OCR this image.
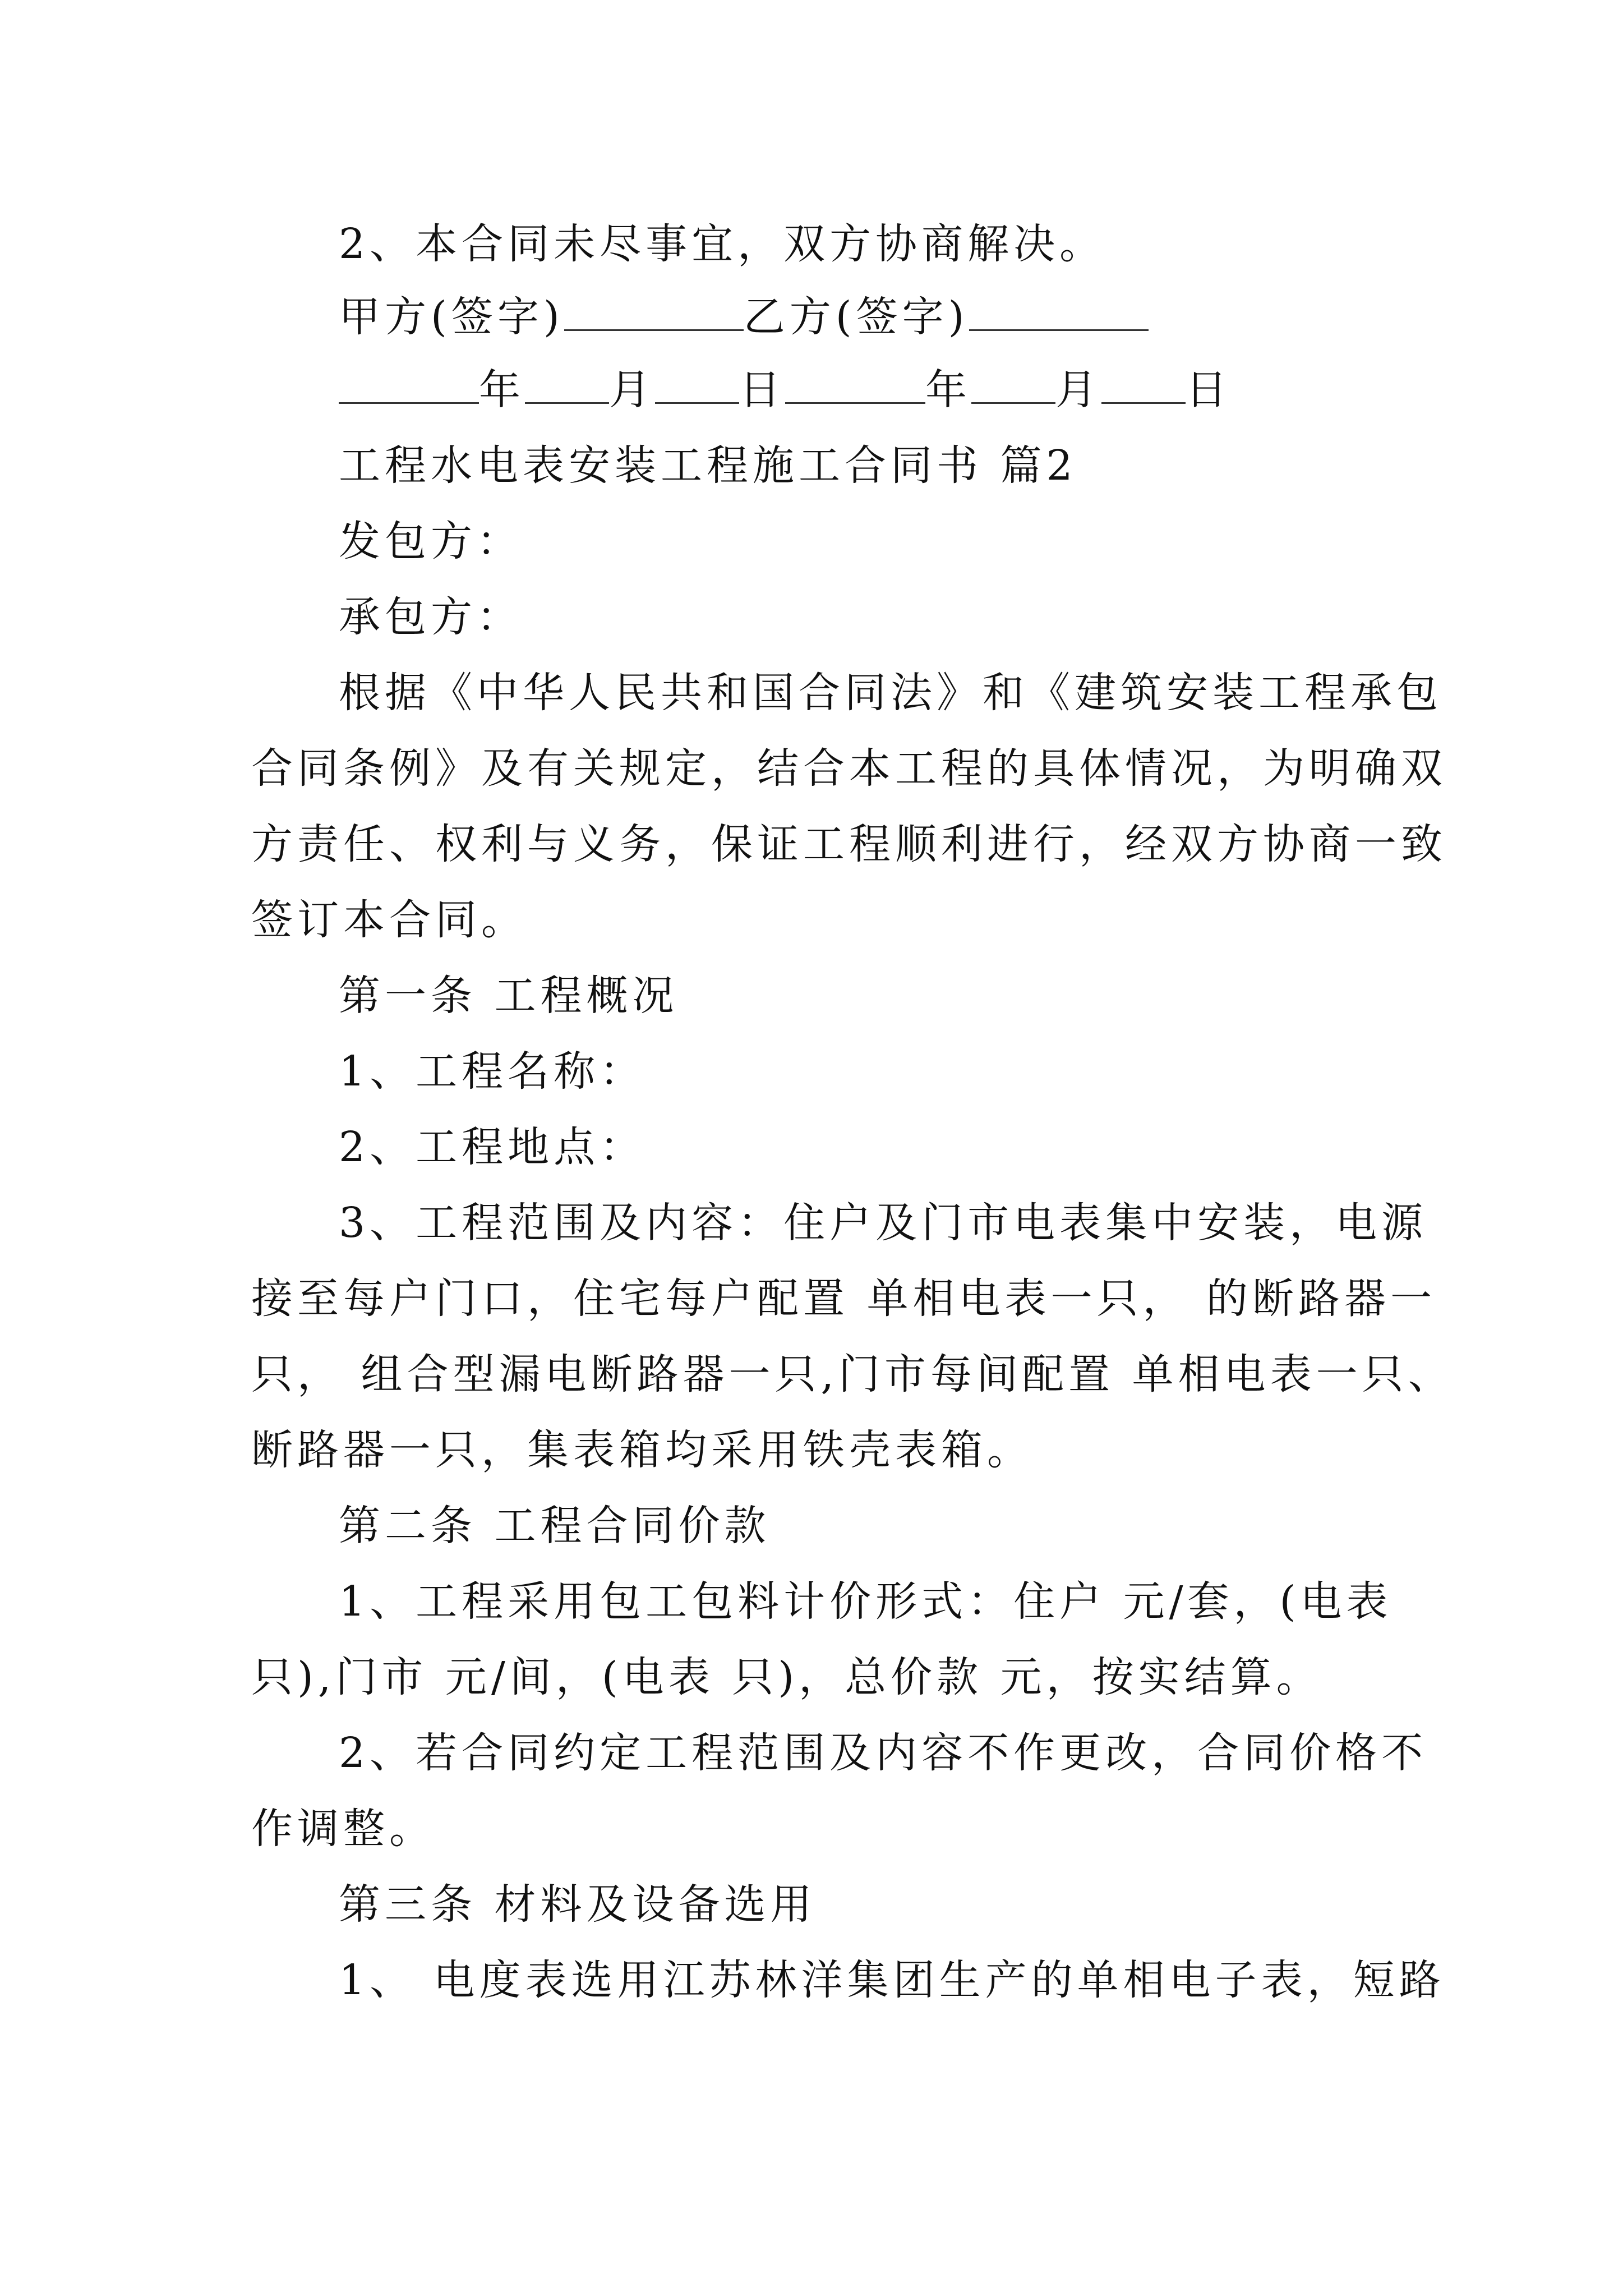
2、本合同未尽事宜，双方协商解决。
甲方(签字)	乙方(签字)
年 月 日	年 月 日
工程水电表安装工程施工合同书 篇2
发包方：
承包方：
根据《中华人民共和国合同法》和《建筑安装工程承包
合同条例》及有关规定，结合本工程的具体情况，为明确双
方责任、权利与义务，保证工程顺利进行，经双方协商一致
签订本合同。
第一条 工程概况
1、工程名称：
2、工程地点：
3、工程范围及内容：住户及门市电表集中安装，电源
接至每户门口，住宅每户配置 单相电表一只， 的断路器一
只， 组合型漏电断路器一只,门市每间配置 单相电表一只、
断路器一只，集表箱均采用铁壳表箱。
第二条 工程合同价款
1、工程采用包工包料计价形式：住户 元/套，(电表
只),门市 元/间，(电表 只)，总价款 元，按实结算。
2、若合同约定工程范围及内容不作更改，合同价格不
作调整。
第三条 材料及设备选用
1、 电度表选用江苏林洋集团生产的单相电子表，短路
